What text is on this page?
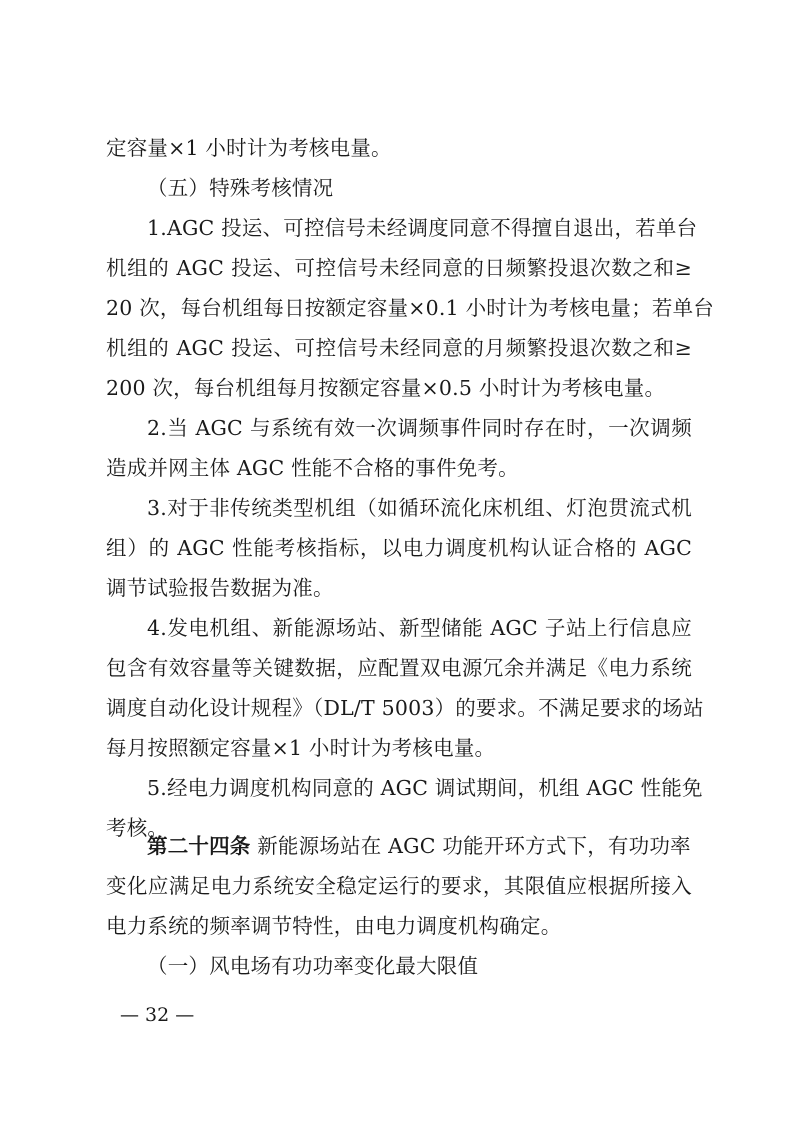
定容量×1 小时计为考核电量。
（五）特殊考核情况
1.AGC 投运、可控信号未经调度同意不得擅自退出，若单台
机组的 AGC 投运、可控信号未经同意的日频繁投退次数之和≥
20 次，每台机组每日按额定容量×0.1 小时计为考核电量；若单台
机组的 AGC 投运、可控信号未经同意的月频繁投退次数之和≥
200 次，每台机组每月按额定容量×0.5 小时计为考核电量。
2.当 AGC 与系统有效一次调频事件同时存在时，一次调频
造成并网主体 AGC 性能不合格的事件免考。
3.对于非传统类型机组（如循环流化床机组、灯泡贯流式机
组）的 AGC 性能考核指标，以电力调度机构认证合格的 AGC
调节试验报告数据为准。
4.发电机组、新能源场站、新型储能 AGC 子站上行信息应
包含有效容量等关键数据，应配置双电源冗余并满足《电力系统
调度自动化设计规程》（DL/T 5003）的要求。不满足要求的场站
每月按照额定容量×1 小时计为考核电量。
5.经电力调度机构同意的 AGC 调试期间，机组 AGC 性能免
考核。
第二十四条 新能源场站在 AGC 功能开环方式下，有功功率
变化应满足电力系统安全稳定运行的要求，其限值应根据所接入
电力系统的频率调节特性，由电力调度机构确定。
（一）风电场有功功率变化最大限值
— 32 —
